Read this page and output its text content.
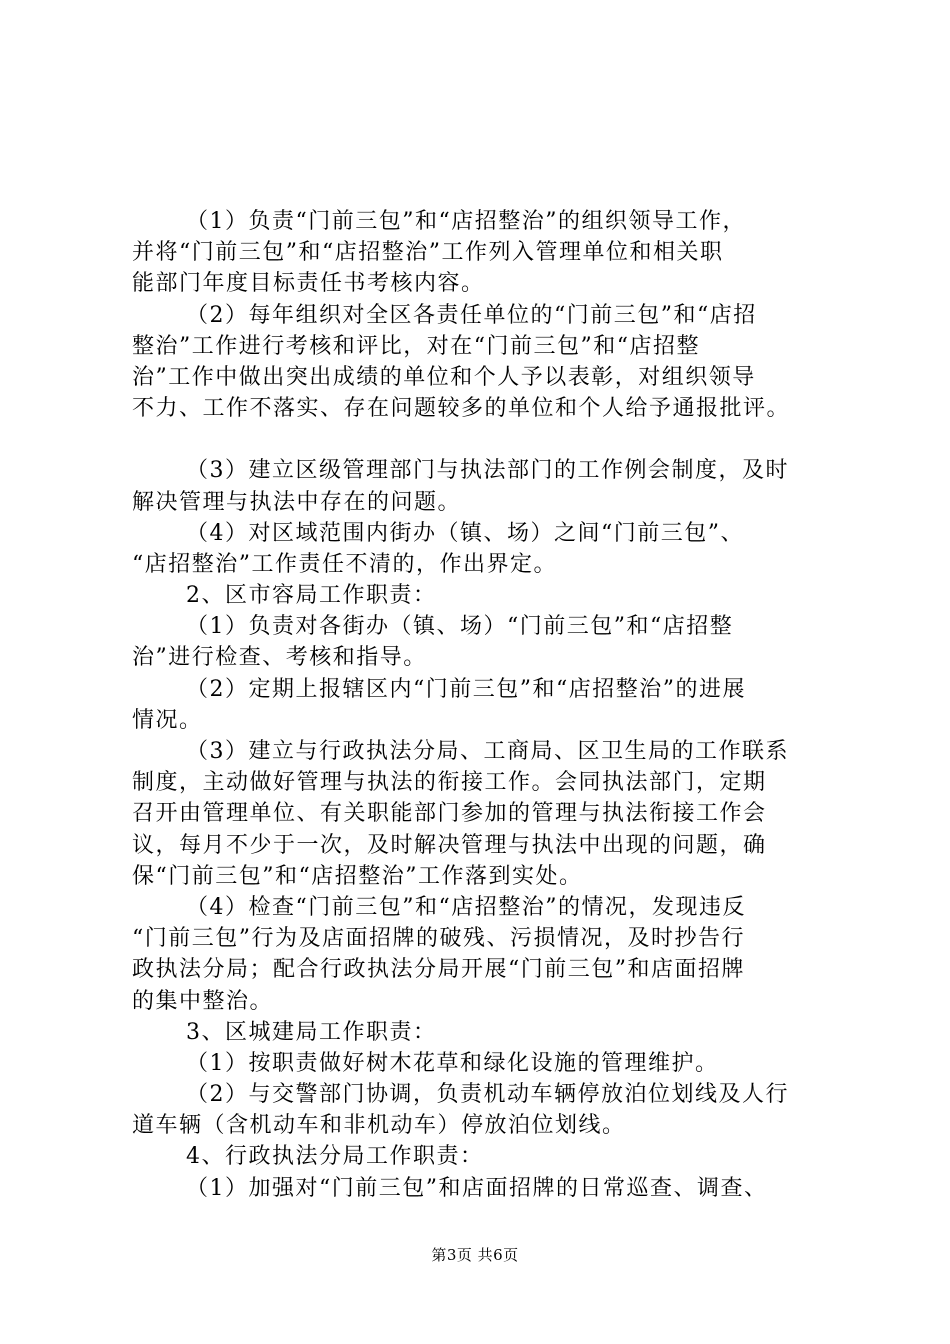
（1）负责“门前三包”和“店招整治”的组织领导工作，
并将“门前三包”和“店招整治”工作列入管理单位和相关职
能部门年度目标责任书考核内容。
（2）每年组织对全区各责任单位的“门前三包”和“店招
整治”工作进行考核和评比，对在“门前三包”和“店招整
治”工作中做出突出成绩的单位和个人予以表彰，对组织领导
不力、工作不落实、存在问题较多的单位和个人给予通报批评。
（3）建立区级管理部门与执法部门的工作例会制度，及时
解决管理与执法中存在的问题。
（4）对区域范围内街办（镇、场）之间“门前三包”、
“店招整治”工作责任不清的，作出界定。
2、区市容局工作职责：
（1）负责对各街办（镇、场）“门前三包”和“店招整
治”进行检查、考核和指导。
（2）定期上报辖区内“门前三包”和“店招整治”的进展
情况。
（3）建立与行政执法分局、工商局、区卫生局的工作联系
制度，主动做好管理与执法的衔接工作。会同执法部门，定期
召开由管理单位、有关职能部门参加的管理与执法衔接工作会
议，每月不少于一次，及时解决管理与执法中出现的问题，确
保“门前三包”和“店招整治”工作落到实处。
（4）检查“门前三包”和“店招整治”的情况，发现违反
“门前三包”行为及店面招牌的破残、污损情况，及时抄告行
政执法分局；配合行政执法分局开展“门前三包”和店面招牌
的集中整治。
3、区城建局工作职责：
（1）按职责做好树木花草和绿化设施的管理维护。
（2）与交警部门协调，负责机动车辆停放泊位划线及人行
道车辆（含机动车和非机动车）停放泊位划线。
4、行政执法分局工作职责：
（1）加强对“门前三包”和店面招牌的日常巡查、调查、
第3页 共6页
